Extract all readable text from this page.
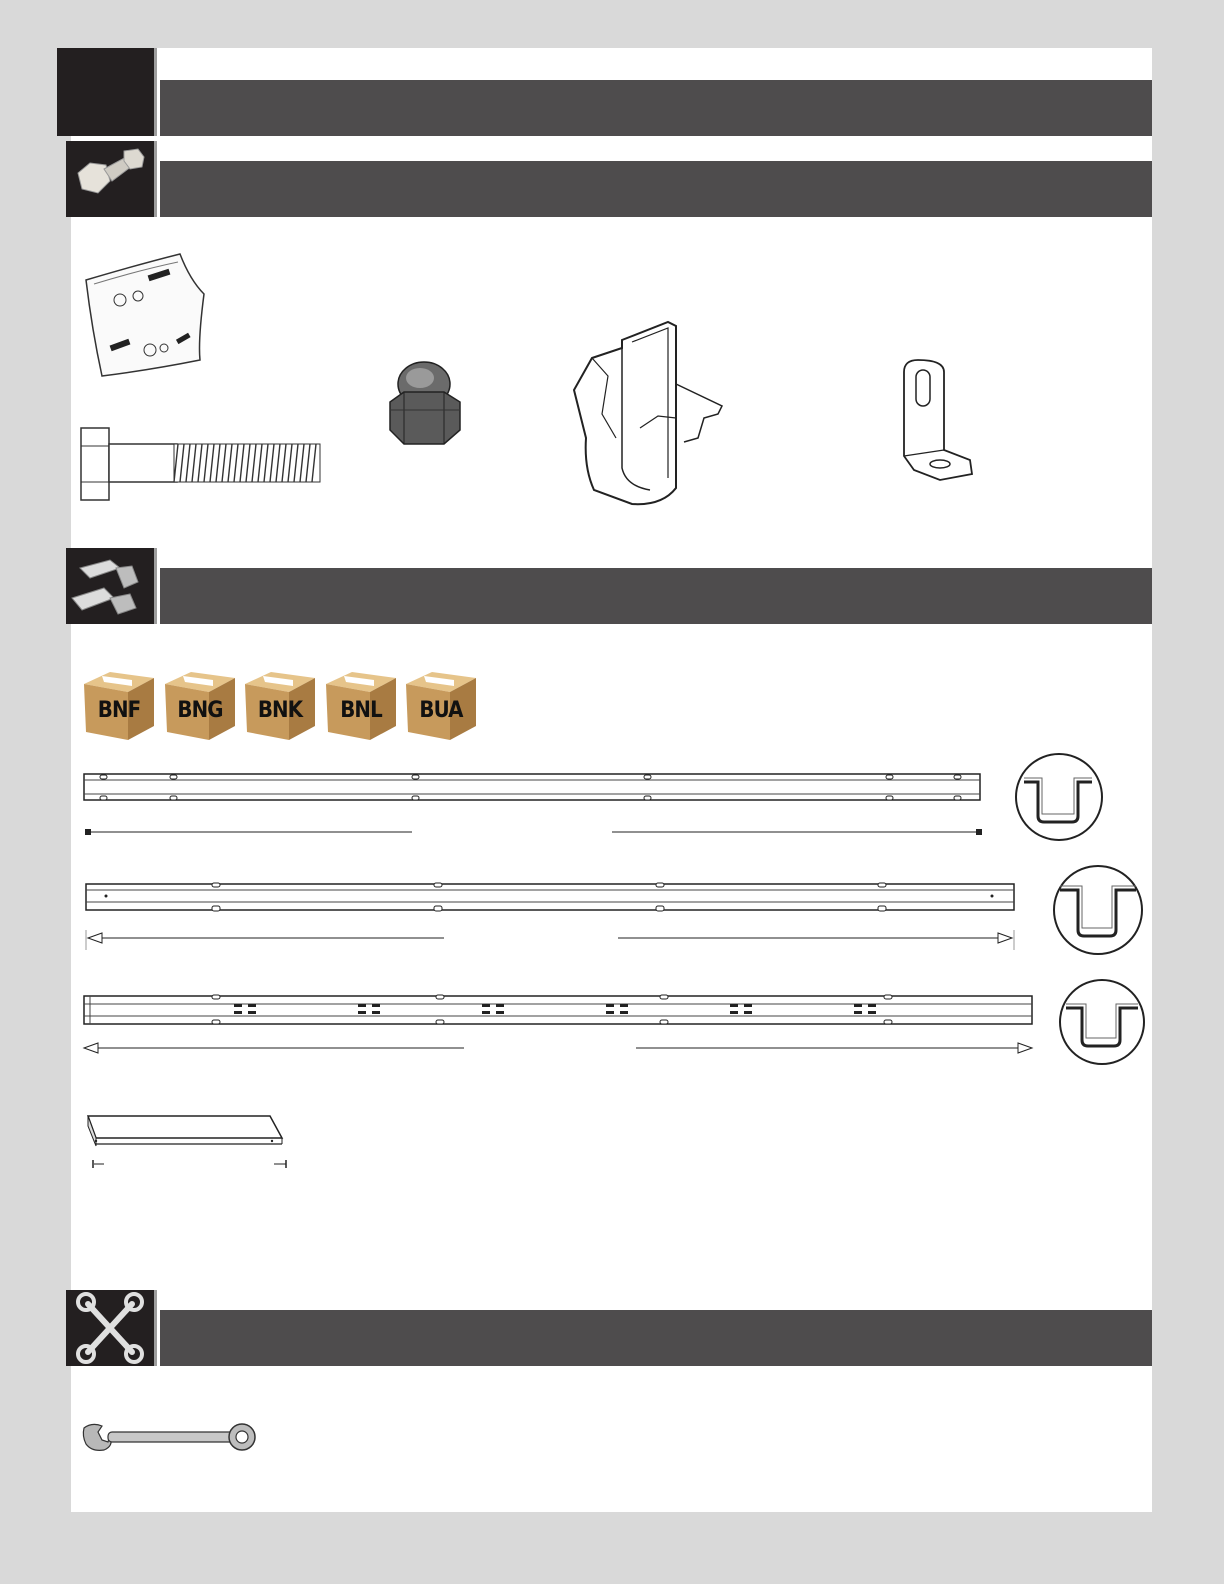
BNF	BNG BNK	BNL	BUA
